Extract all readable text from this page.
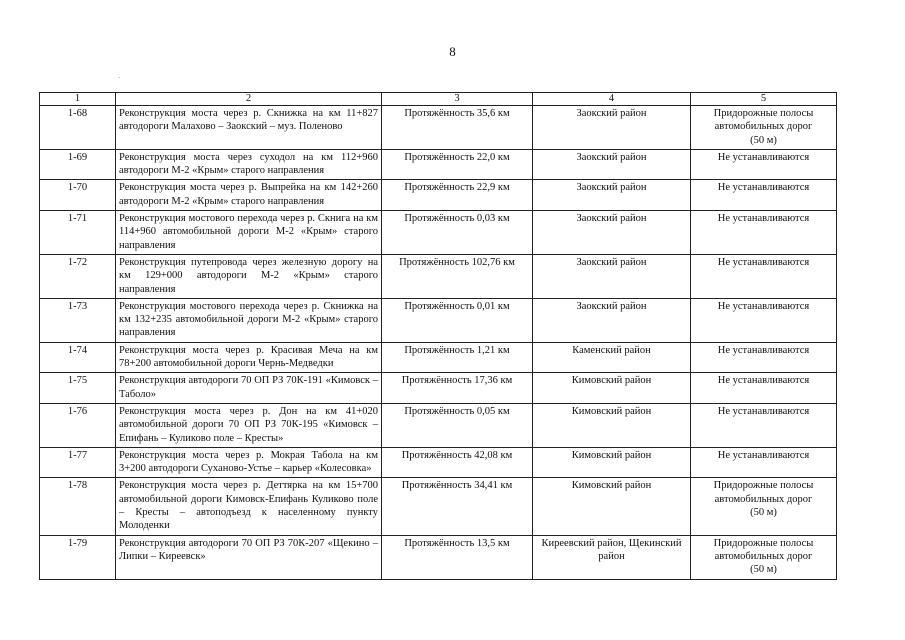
8
·
1	2	3	4	5
1-68	Реконструкция моста через р. Скнижка на км 11+827 автодороги Малахово – Заокский – муз. Поленово	Протяжённость 35,6 км	Заокский район	Придорожные полосы
автомобильных дорог
(50 м)

1-69	Реконструкция моста через суходол на км 112+960 автодороги М-2 «Крым» старого направления	Протяжённость 22,0 км	Заокский район	Не устанавливаются

1-70	Реконструкция моста через р. Выпрейка на км 142+260 автодороги М-2 «Крым» старого направления	Протяжённость 22,9 км	Заокский район	Не устанавливаются

1-71	Реконструкция мостового перехода через р. Скнига на км 114+960 автомобильной дороги М-2 «Крым» старого направления	Протяжённость 0,03 км	Заокский район	Не устанавливаются

1-72	Реконструкция путепровода через железную дорогу на км 129+000 автодороги М-2 «Крым» старого направления	Протяжённость 102,76 км	Заокский район	Не устанавливаются

1-73	Реконструкция мостового перехода через р. Скнижка на км 132+235 автомобильной дороги М-2 «Крым» старого направления	Протяжённость 0,01 км	Заокский район	Не устанавливаются

1-74	Реконструкция моста через р. Красивая Меча на км 78+200 автомобильной дороги Чернь-Медведки	Протяжённость 1,21 км	Каменский район	Не устанавливаются

1-75	Реконструкция автодороги 70 ОП РЗ 70К-191 «Кимовск – Таболо»	Протяжённость 17,36 км	Кимовский район	Не устанавливаются

1-76	Реконструкция моста через р. Дон на км 41+020 автомобильной дороги 70 ОП РЗ 70К-195 «Кимовск – Епифань – Куликово поле – Кресты»	Протяжённость 0,05 км	Кимовский район	Не устанавливаются

1-77	Реконструкция моста через р. Мокрая Табола на км 3+200 автодороги Суханово-Устье – карьер «Колесовка»	Протяжённость 42,08 км	Кимовский район	Не устанавливаются

1-78	Реконструкция моста через р. Деттярка на км 15+700 автомобильной дороги Кимовск-Епифань Куликово поле – Кресты – автоподъезд к населенному пункту Молоденки	Протяжённость 34,41 км	Кимовский район	Придорожные полосы
автомобильных дорог
(50 м)

1-79	Реконструкция автодороги 70 ОП РЗ 70К-207 «Щекино – Липки – Киреевск»	Протяжённость 13,5 км	Киреевский район, Щекинский район	Придорожные полосы
автомобильных дорог
(50 м)
